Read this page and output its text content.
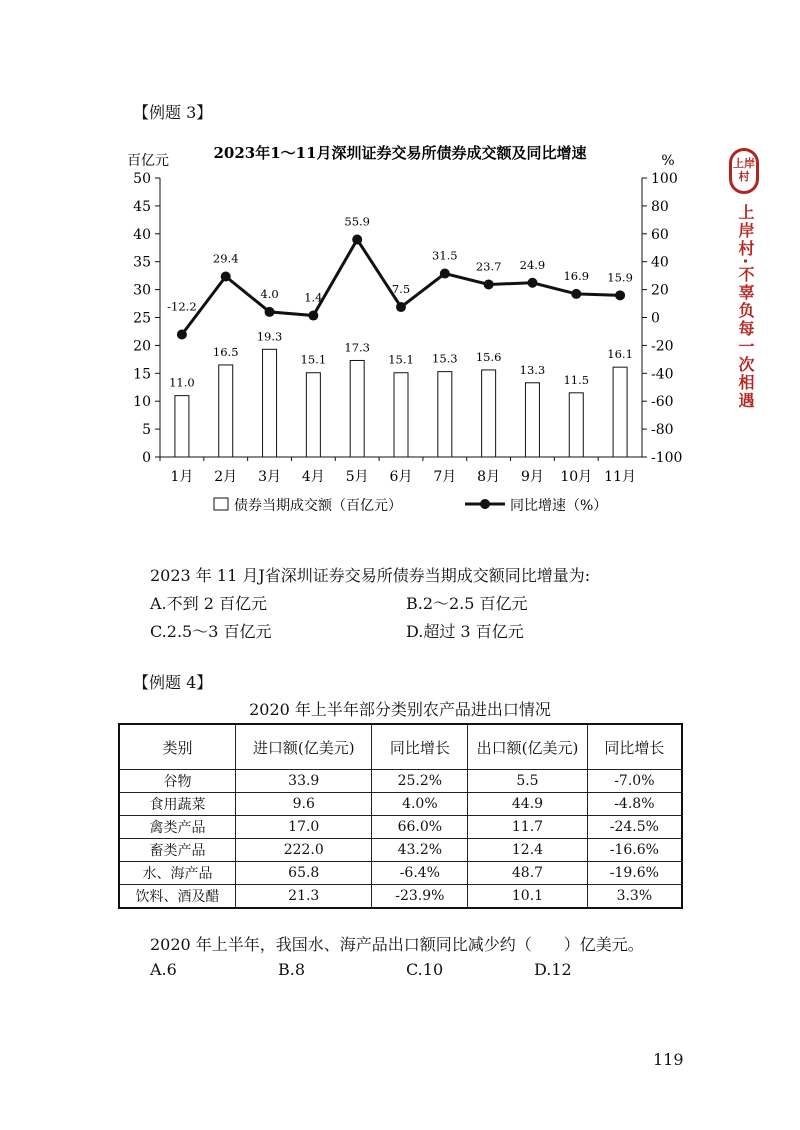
【例题 3】
2023年1～11月深圳证券交易所债券成交额及同比增速
百亿元	%
50
45
40
35
30
25
20
15
10
5
0
100
80
60
40
20
0
-20
-40
-60
-80
-100
11.0
16.5
19.3
15.1
17.3
15.1 15.3 15.6
13.3
11.5
16.1
1月 2月 3月 4月 5月 6月 7月 8月 9月 10月 11月
-12.2
29.4
4.0 1.4
55.9
7.5
31.5
23.7 24.9
16.9 15.9
债券当期成交额（百亿元）	同比增速（%）
2023 年 11 月J省深圳证券交易所债券当期成交额同比增量为:
A.不到 2 百亿元	B.2～2.5 百亿元
C.2.5～3 百亿元	D.超过 3 百亿元
【例题 4】
2020 年上半年部分类别农产品进出口情况
类别	进口额(亿美元)	同比增长	出口额(亿美元)	同比增长
谷物	33.9	25.2%	5.5	-7.0%
食用蔬菜	9.6	4.0%	44.9	-4.8%
禽类产品	17.0	66.0%	11.7	-24.5%
畜类产品	222.0	43.2%	12.4	-16.6%
水、海产品	65.8	-6.4%	48.7	-19.6%
饮料、酒及醋	21.3	-23.9%	10.1	3.3%
2020 年上半年，我国水、海产品出口额同比减少约（　　）亿美元。
A.6	B.8	C.10	D.12
上岸村
上岸村·不辜负每一次相遇
119
